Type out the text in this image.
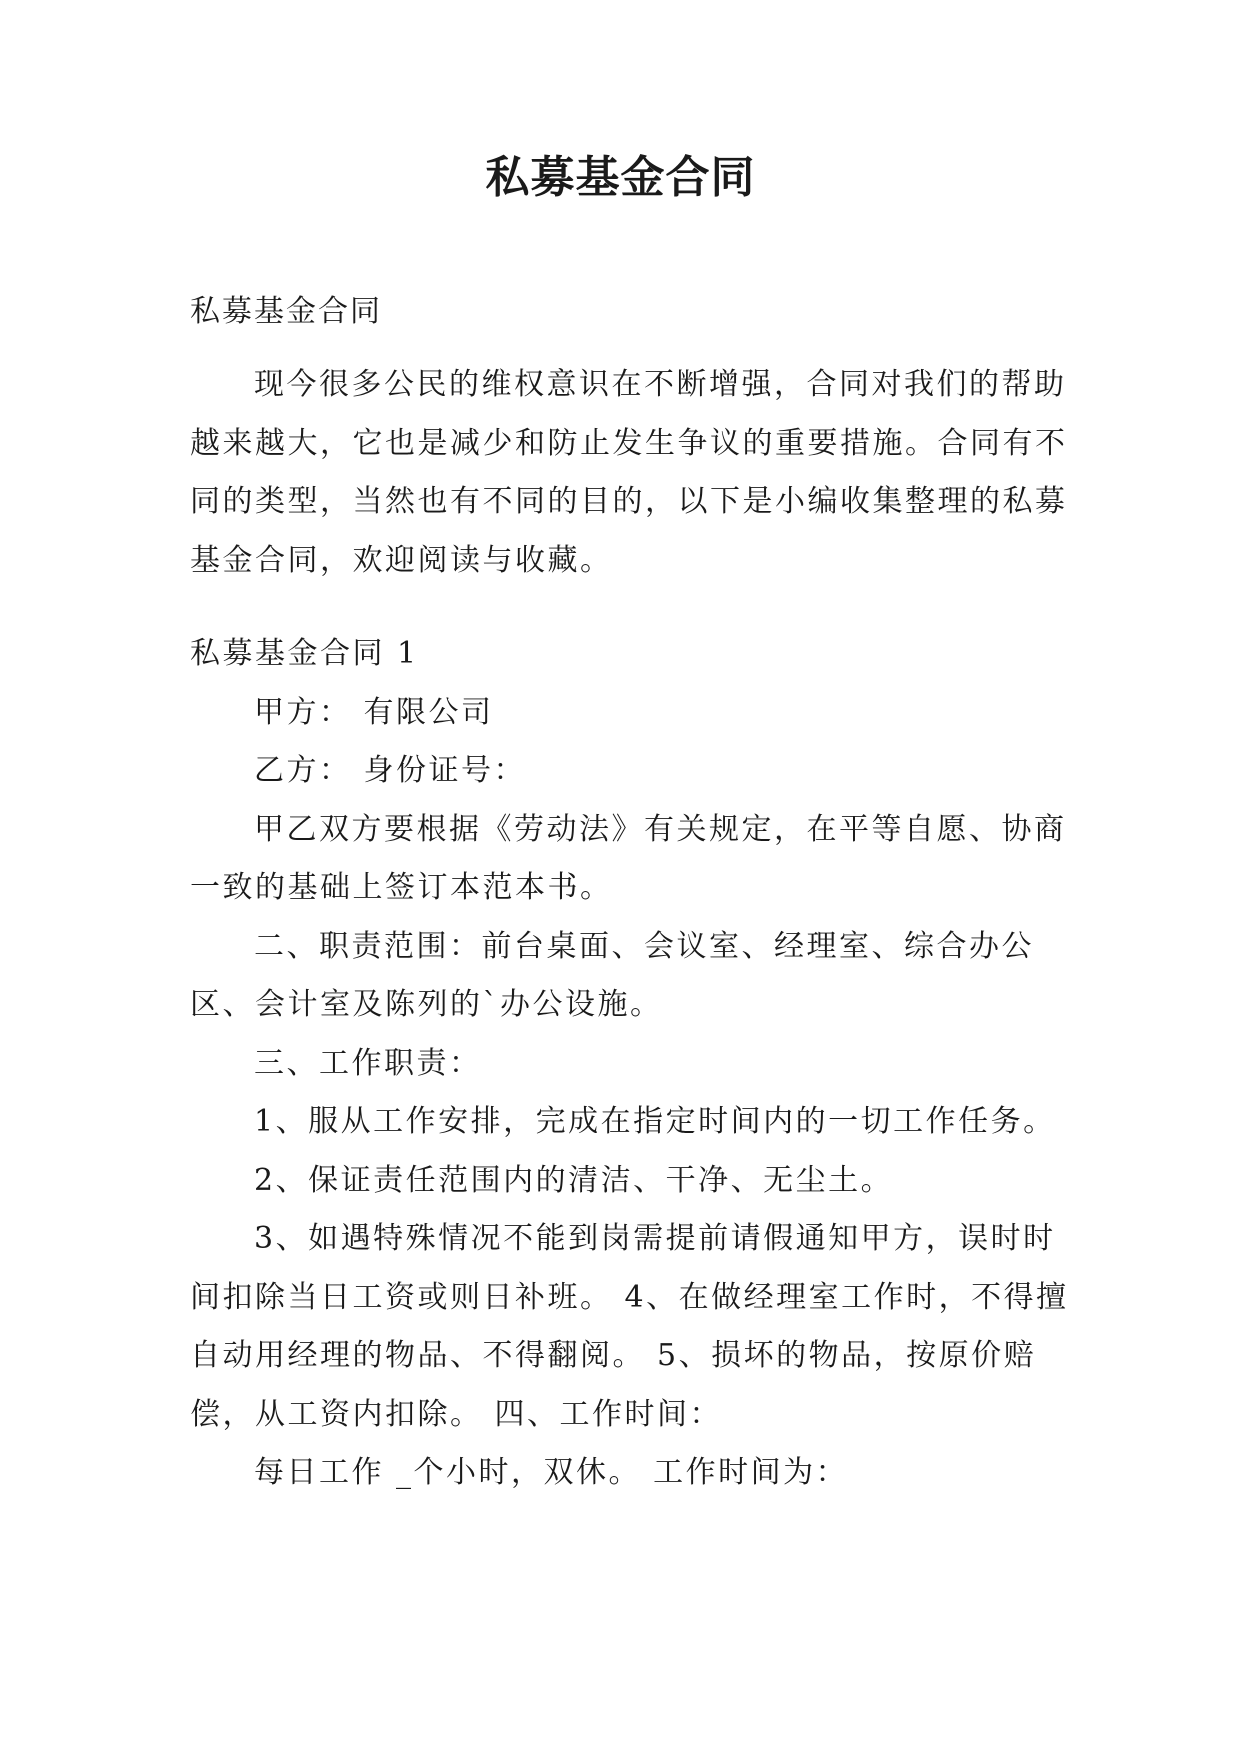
私募基金合同

私募基金合同

现今很多公民的维权意识在不断增强，合同对我们的帮助越来越大，它也是减少和防止发生争议的重要措施。合同有不同的类型，当然也有不同的目的，以下是小编收集整理的私募基金合同，欢迎阅读与收藏。

私募基金合同 1

甲方： 有限公司

乙方： 身份证号：

甲乙双方要根据《劳动法》有关规定，在平等自愿、协商一致的基础上签订本范本书。

二、职责范围：前台桌面、会议室、经理室、综合办公区、会计室及陈列的`办公设施。

三、工作职责：

1、服从工作安排，完成在指定时间内的一切工作任务。

2、保证责任范围内的清洁、干净、无尘土。

3、如遇特殊情况不能到岗需提前请假通知甲方，误时时间扣除当日工资或则日补班。 4、在做经理室工作时，不得擅自动用经理的物品、不得翻阅。 5、损坏的物品，按原价赔偿，从工资内扣除。 四、工作时间：

每日工作 _个小时，双休。 工作时间为：
